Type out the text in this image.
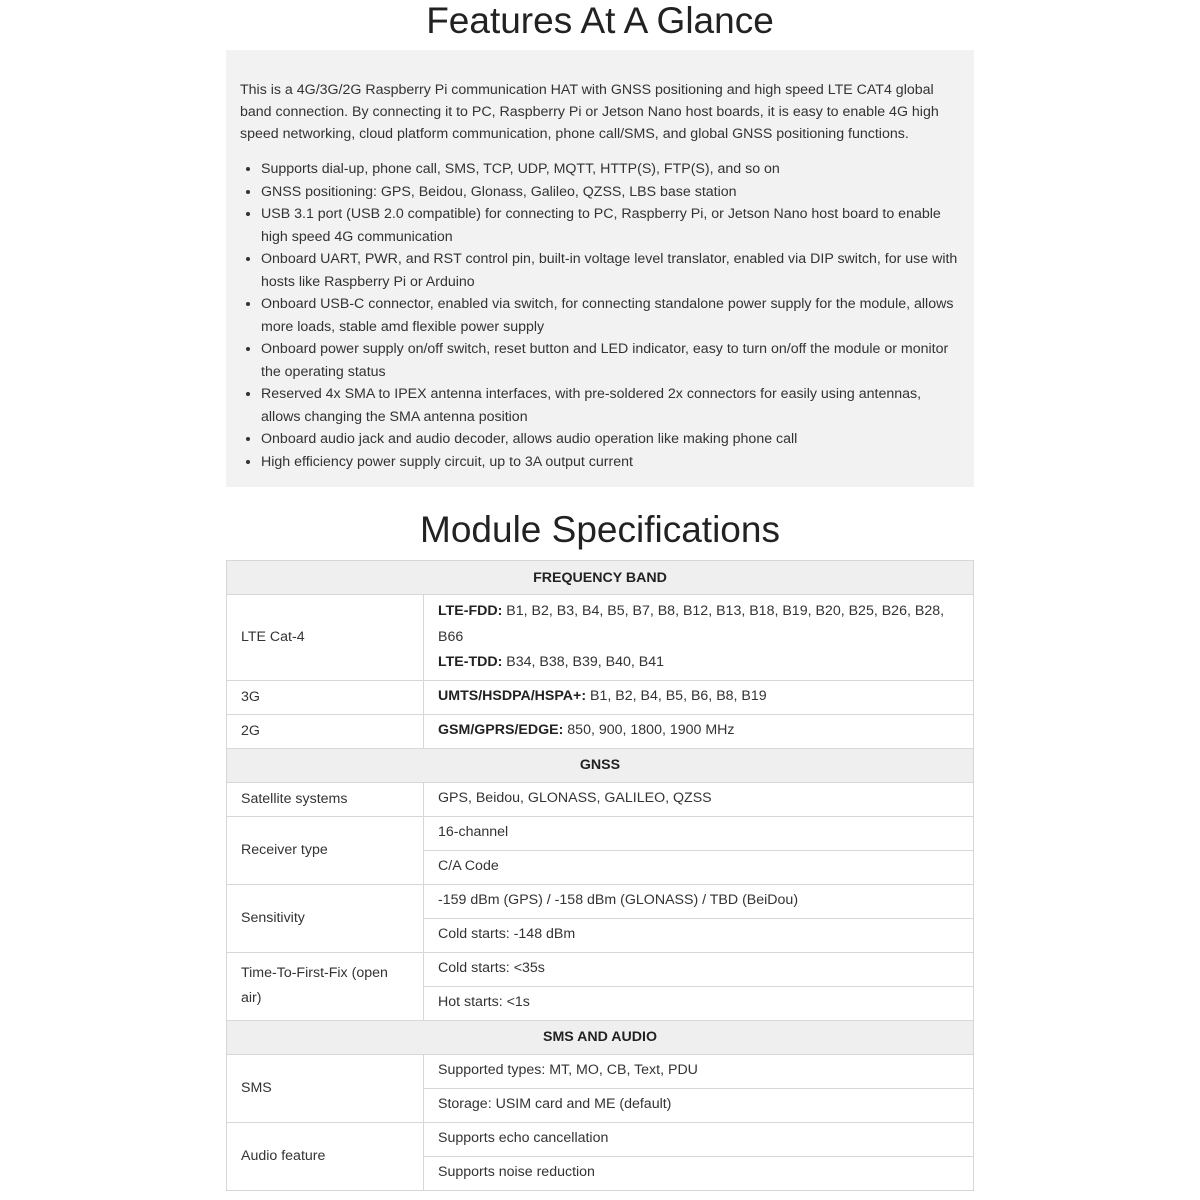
Features At A Glance

This is a 4G/3G/2G Raspberry Pi communication HAT with GNSS positioning and high speed LTE CAT4 global band connection. By connecting it to PC, Raspberry Pi or Jetson Nano host boards, it is easy to enable 4G high speed networking, cloud platform communication, phone call/SMS, and global GNSS positioning functions.

• Supports dial-up, phone call, SMS, TCP, UDP, MQTT, HTTP(S), FTP(S), and so on
• GNSS positioning: GPS, Beidou, Glonass, Galileo, QZSS, LBS base station
• USB 3.1 port (USB 2.0 compatible) for connecting to PC, Raspberry Pi, or Jetson Nano host board to enable high speed 4G communication
• Onboard UART, PWR, and RST control pin, built-in voltage level translator, enabled via DIP switch, for use with hosts like Raspberry Pi or Arduino
• Onboard USB-C connector, enabled via switch, for connecting standalone power supply for the module, allows more loads, stable amd flexible power supply
• Onboard power supply on/off switch, reset button and LED indicator, easy to turn on/off the module or monitor the operating status
• Reserved 4x SMA to IPEX antenna interfaces, with pre-soldered 2x connectors for easily using antennas, allows changing the SMA antenna position
• Onboard audio jack and audio decoder, allows audio operation like making phone call
• High efficiency power supply circuit, up to 3A output current
Module Specifications
FREQUENCY BAND	
LTE Cat-4	LTE-FDD: B1, B2, B3, B4, B5, B7, B8, B12, B13, B18, B19, B20, B25, B26, B28, B66
LTE-TDD: B34, B38, B39, B40, B41

3G	UMTS/HSDPA/HSPA+: B1, B2, B4, B5, B6, B8, B19
2G	GSM/GPRS/EDGE: 850, 900, 1800, 1900 MHz
GNSS	
Satellite systems	GPS, Beidou, GLONASS, GALILEO, QZSS
Receiver type	16-channel
	C/A Code
Sensitivity	-159 dBm (GPS) / -158 dBm (GLONASS) / TBD (BeiDou)
	Cold starts: -148 dBm
Time-To-First-Fix (open air)	Cold starts: <35s
	Hot starts: <1s
SMS AND AUDIO	
SMS	Supported types: MT, MO, CB, Text, PDU
	Storage: USIM card and ME (default)
Audio feature	Supports echo cancellation
	Supports noise reduction
